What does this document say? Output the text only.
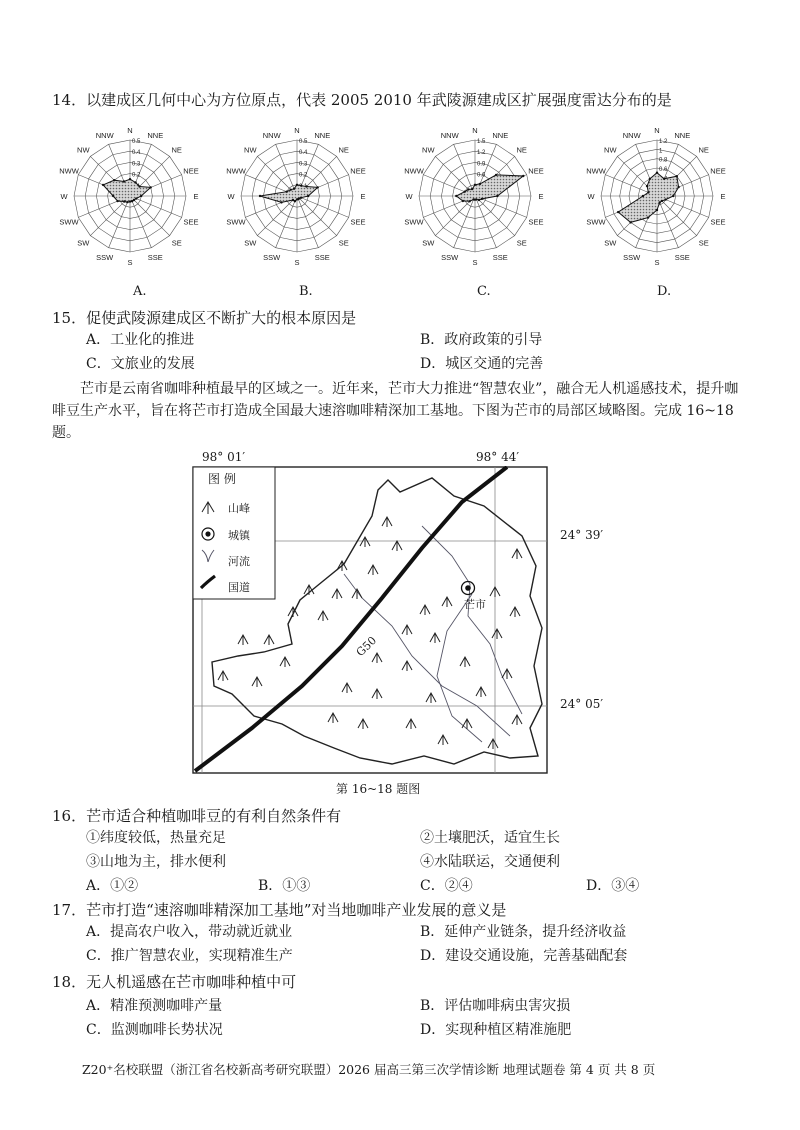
14．以建成区几何中心为方位原点，代表 2005 2010 年武陵源建成区扩展强度雷达分布的是
N
NNE
NE
NEE
E
SEE
SE
SSE
S
SSW
SW
SWW
W
NWW
NW
NNW
0.5
0.4
0.3
0.2
N
NNE
NE
NEE
E
SEE
SE
SSE
S
SSW
SW
SWW
W
NWW
NW
NNW
0.5
0.4
0.3
0.2
N
NNE
NE
NEE
E
SEE
SE
SSE
S
SSW
SW
SWW
W
NWW
NW
NNW
1.5
1.2
0.9
0.6
N
NNE
NE
NEE
E
SEE
SE
SSE
S
SSW
SW
SWW
W
NWW
NW
NNW
1.2
1
0.8
0.6
A.	B.	C.	D.
15．促使武陵源建成区不断扩大的根本原因是
A．工业化的推进	B．政府政策的引导
C．文旅业的发展	D．城区交通的完善
芒市是云南省咖啡种植最早的区域之一。近年来，芒市大力推进“智慧农业”，融合无人机遥感技术，提升咖啡豆生产水平，旨在将芒市打造成全国最大速溶咖啡精深加工基地。下图为芒市的局部区域略图。完成 16~18 题。
98° 01′	98° 44′
24° 39′
24° 05′
图 例
山峰
城镇
河流
国道
芒市
G50
第 16~18 题图
16．芒市适合种植咖啡豆的有利自然条件有
①纬度较低，热量充足	②土壤肥沃，适宜生长
③山地为主，排水便利	④水陆联运，交通便利
A．①②	B．①③	C．②④	D．③④
17．芒市打造“速溶咖啡精深加工基地”对当地咖啡产业发展的意义是
A．提高农户收入，带动就近就业	B．延伸产业链条，提升经济收益
C．推广智慧农业，实现精准生产	D．建设交通设施，完善基础配套
18．无人机遥感在芒市咖啡种植中可
A．精准预测咖啡产量	B．评估咖啡病虫害灾损
C．监测咖啡长势状况	D．实现种植区精准施肥
Z20⁺名校联盟（浙江省名校新高考研究联盟）2026 届高三第三次学情诊断 地理试题卷 第 4 页 共 8 页
